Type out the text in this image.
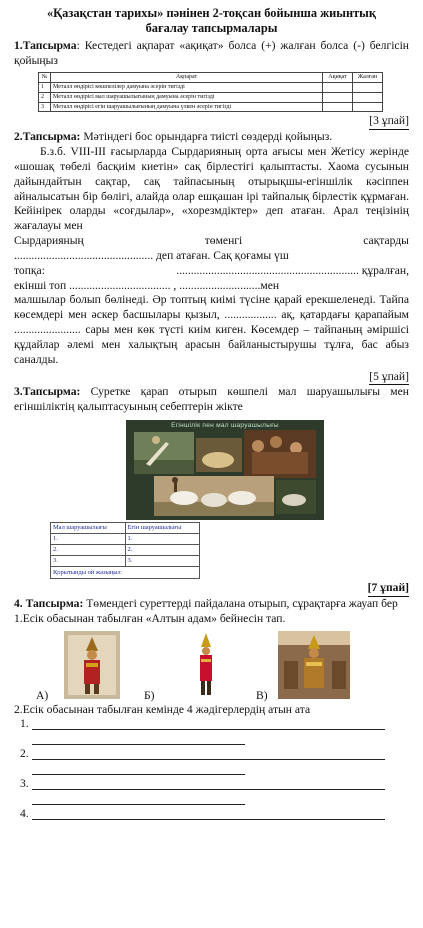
«Қазақстан тарихы» пәнінен 2-тоқсан бойынша жиынтық
бағалау тапсырмалары
1.Тапсырма: Кестедегі ақпарат «ақиқат» болса (+) жалған болса (-) белгісін қойыңыз
№	Ақпарат	Ақиқат	Жалған
1	Металл өндірісі көшпелілер дамуына әсерін тигізді		
2	Металл өндірісі мал шаруашылығының дамуына әсерін тигізді		
3	Металл өндірісі егін шаруашылығының дамуына үлкен әсерін тигізді		
[3 ұпай]
2.Тапсырма: Мәтіндегі бос орындарға тиісті сөздерді қойыңыз.
Б.з.б. VIII-III ғасырларда Сырдарияның орта ағысы мен Жетісу жерінде «шошақ төбелі басқиім киетін» сақ бірлестігі қалыптасты. Хаома сусынын дайындайтын сақтар, сақ тайпасының отырықшы-егіншілік кәсіппен айналысатын бір бөлігі, алайда олар ешқашан ірі тайпалық бірлестік құрмаған. Кейінірек оларды «соғдылар», «хорезмдіктер» деп атаған. Арал теңізінің жағалауы мен
Сырдарияның	төменгі	сақтарды
................................................ деп атаған. Сақ қоғамы үш
топқа:	............................................................... құралған,
екінші топ ................................... , ............................мен
малшылар болып бөлінеді. Әр топтың киімі түсіне қарай ерекшеленеді. Тайпа көсемдері мен әскер басшылары қызыл, .................. ақ, қатардағы қарапайым ....................... сары мен көк түсті киім киген. Көсемдер – тайпаның әміршісі құдайлар әлемі мен халықтың арасын байланыстырушы тұлға, бас абыз саналды.
[5 ұпай]
3.Тапсырма: Суретке қарап отырып көшпелі мал шаруашылығы мен егіншіліктің қалыптасуының себептерін жікте
Егіншілік пен мал шаруашылығы
Мал шаруашылығы	Егін шаруашылығы
1.	1.
2.	2.
3.	3.
Қорытынды ой жазыңыз:	
[7 ұпай]
4. Тапсырма: Төмендегі суреттерді пайдалана отырып, сұрақтарға жауап бер
1.Есік обасынан табылған «Алтын адам» бейнесін тап.
А)	Б)	В)
2.Есік обасынан табылған кемінде 4 жәдігерлердің атын ата
1.
2.
3.
4.
